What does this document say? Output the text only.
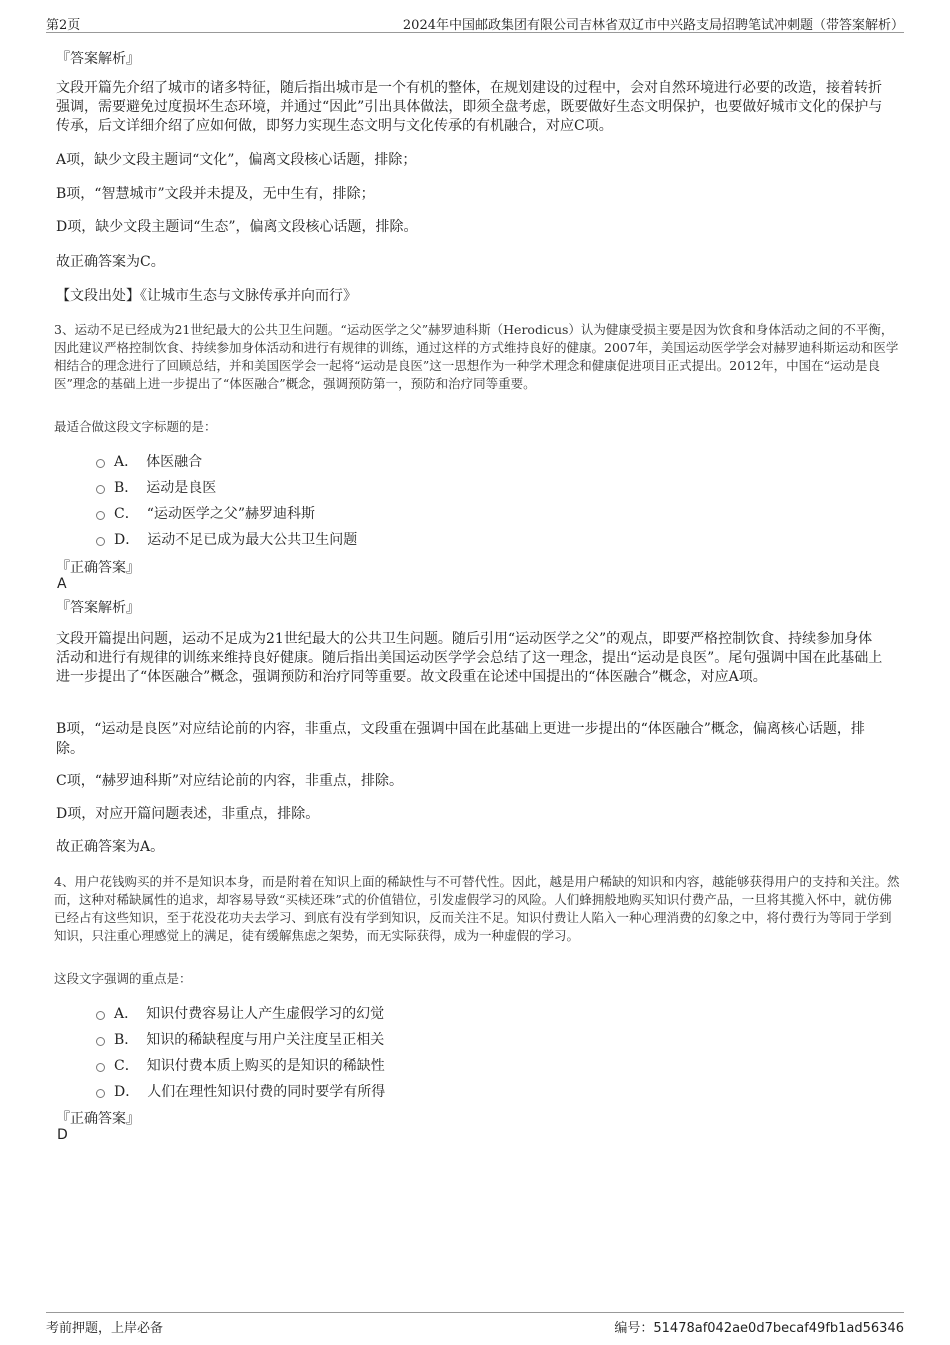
第2页	2024年中国邮政集团有限公司吉林省双辽市中兴路支局招聘笔试冲刺题（带答案解析）
『答案解析』
文段开篇先介绍了城市的诸多特征，随后指出城市是一个有机的整体，在规划建设的过程中，会对自然环境进行必要的改造，接着转折强调，需要避免过度损坏生态环境，并通过“因此”引出具体做法，即须全盘考虑，既要做好生态文明保护，也要做好城市文化的保护与传承，后文详细介绍了应如何做，即努力实现生态文明与文化传承的有机融合，对应C项。
A项，缺少文段主题词“文化”，偏离文段核心话题，排除；
B项，“智慧城市”文段并未提及，无中生有，排除；
D项，缺少文段主题词“生态”，偏离文段核心话题，排除。
故正确答案为C。
【文段出处】《让城市生态与文脉传承并向而行》
3、运动不足已经成为21世纪最大的公共卫生问题。“运动医学之父”赫罗迪科斯（Herodicus）认为健康受损主要是因为饮食和身体活动之间的不平衡，因此建议严格控制饮食、持续参加身体活动和进行有规律的训练，通过这样的方式维持良好的健康。2007年，美国运动医学学会对赫罗迪科斯运动和医学相结合的理念进行了回顾总结，并和美国医学会一起将“运动是良医”这一思想作为一种学术理念和健康促进项目正式提出。2012年，中国在“运动是良医”理念的基础上进一步提出了“体医融合”概念，强调预防第一，预防和治疗同等重要。
最适合做这段文字标题的是：
A． 体医融合
B． 运动是良医
C． “运动医学之父”赫罗迪科斯
D． 运动不足已成为最大公共卫生问题
『正确答案』
A
『答案解析』
文段开篇提出问题，运动不足成为21世纪最大的公共卫生问题。随后引用“运动医学之父”的观点，即要严格控制饮食、持续参加身体活动和进行有规律的训练来维持良好健康。随后指出美国运动医学学会总结了这一理念，提出“运动是良医”。尾句强调中国在此基础上进一步提出了“体医融合”概念，强调预防和治疗同等重要。故文段重在论述中国提出的“体医融合”概念，对应A项。
B项，“运动是良医”对应结论前的内容，非重点，文段重在强调中国在此基础上更进一步提出的“体医融合”概念，偏离核心话题，排除。
C项，“赫罗迪科斯”对应结论前的内容，非重点，排除。
D项，对应开篇问题表述，非重点，排除。
故正确答案为A。
4、用户花钱购买的并不是知识本身，而是附着在知识上面的稀缺性与不可替代性。因此，越是用户稀缺的知识和内容，越能够获得用户的支持和关注。然而，这种对稀缺属性的追求，却容易导致“买椟还珠”式的价值错位，引发虚假学习的风险。人们蜂拥般地购买知识付费产品，一旦将其揽入怀中，就仿佛已经占有这些知识，至于花没花功夫去学习、到底有没有学到知识，反而关注不足。知识付费让人陷入一种心理消费的幻象之中，将付费行为等同于学到知识，只注重心理感觉上的满足，徒有缓解焦虑之架势，而无实际获得，成为一种虚假的学习。
这段文字强调的重点是：
A． 知识付费容易让人产生虚假学习的幻觉
B． 知识的稀缺程度与用户关注度呈正相关
C． 知识付费本质上购买的是知识的稀缺性
D． 人们在理性知识付费的同时要学有所得
『正确答案』
D
考前押题，上岸必备	编号：51478af042ae0d7becaf49fb1ad56346
